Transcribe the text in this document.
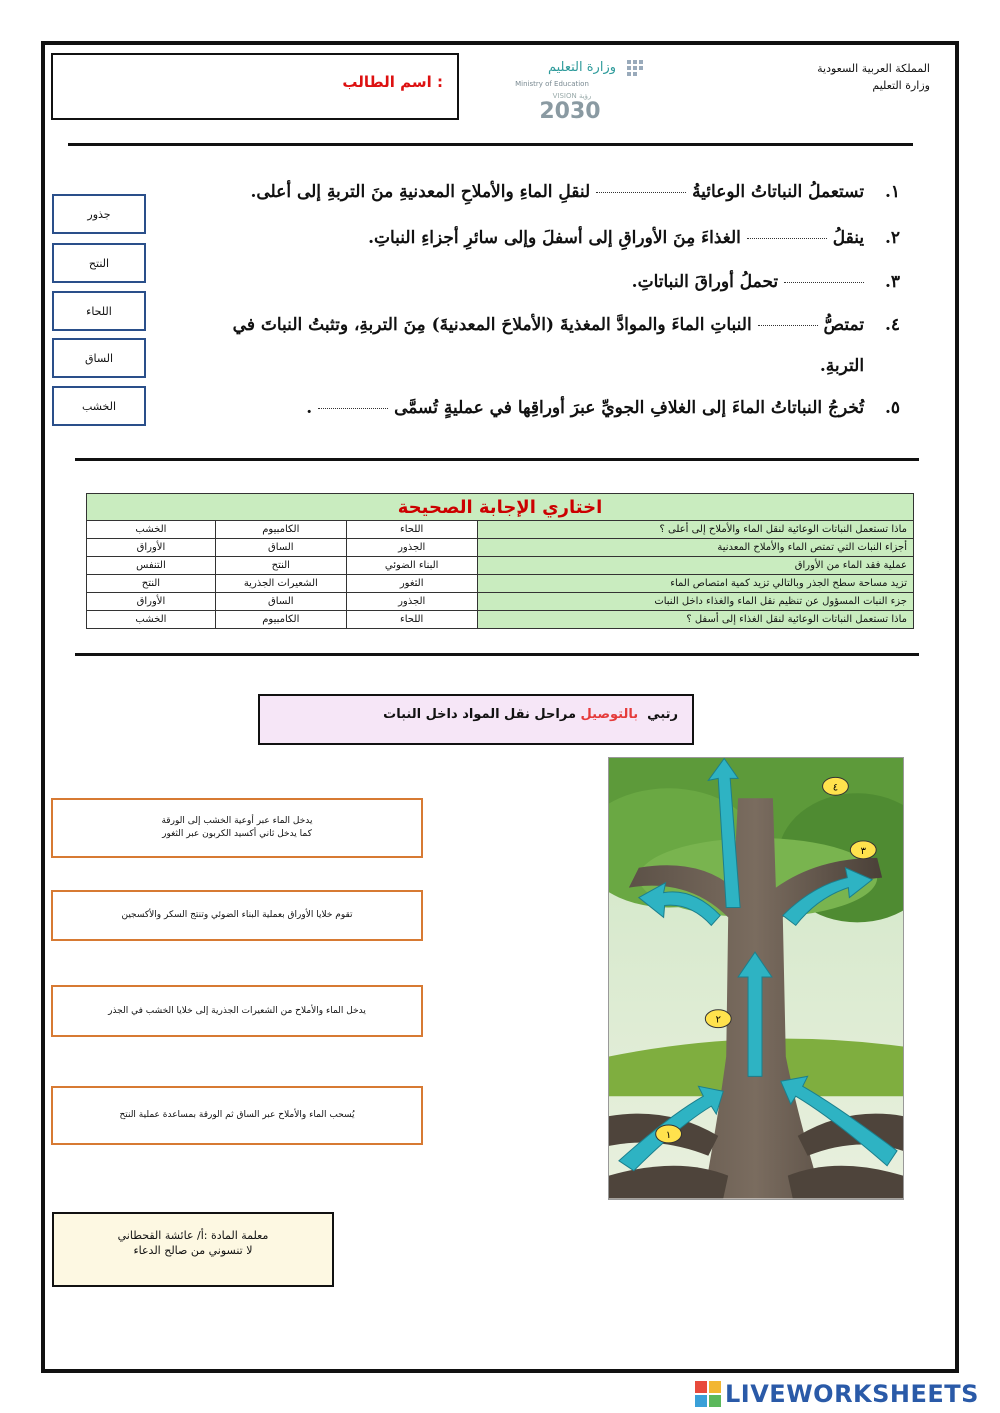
اسم الطالب :
وزارة التعليم
Ministry of Education
VISION رؤية
2030
المملكة العربية السعودية
وزارة التعليم
جذور
النتح
اللحاء
الساق
الخشب
١. تستعملُ النباتاتُ الوعائيةُ  لنقلِ الماءِ والأملاحِ المعدنيةِ منَ التربةِ إلى أعلى.
٢. ينقلُ  الغذاءَ مِنَ الأوراقِ إلى أسفلَ وإلى سائرِ أجزاءِ النباتِ.
٣.  تحملُ أوراقَ النباتاتِ.
٤. تمتصُّ  النباتِ الماءَ والموادَّ المغذيةَ (الأملاحَ المعدنيةَ) مِنَ التربةِ، وتثبتُ النباتَ في
التربةِ.
٥. تُخرجُ النباتاتُ الماءَ إلى الغلافِ الجويِّ عبرَ أوراقِها في عمليةٍ تُسمَّى  .
اختاري الإجابة الصحيحة			
ماذا تستعمل النباتات الوعائية لنقل الماء والأملاح إلى أعلى ؟	اللحاء	الكامبيوم	الخشب
أجزاء النبات التي تمتص الماء والأملاح المعدنية	الجذور	الساق	الأوراق
عملية فقد الماء من الأوراق	البناء الضوئي	النتح	التنفس
تزيد مساحة سطح الجذر وبالتالي تزيد كمية امتصاص الماء	الثغور	الشعيرات الجذرية	النتح
جزء النبات المسؤول عن تنظيم نقل الماء والغذاء داخل النبات	الجذور	الساق	الأوراق
ماذا تستعمل النباتات الوعائية لنقل الغذاء إلى أسفل ؟	اللحاء	الكامبيوم	الخشب
رتبي  بالتوصيل مراحل نقل المواد داخل النبات
يدخل الماء عبر أوعية الخشب إلى الورقة
كما يدخل ثاني أكسيد الكربون عبر الثغور
تقوم خلايا الأوراق بعملية البناء الضوئي وتنتج السكر والأكسجين
يدخل الماء والأملاح من الشعيرات الجذرية إلى خلايا الخشب في الجذر
يُسحب الماء والأملاح عبر الساق ثم الورقة بمساعدة عملية النتح
١
٢
٣
٤
معلمة المادة :أ/ عائشة القحطاني
لا تنسوني من صالح الدعاء
LIVEWORKSHEETS
